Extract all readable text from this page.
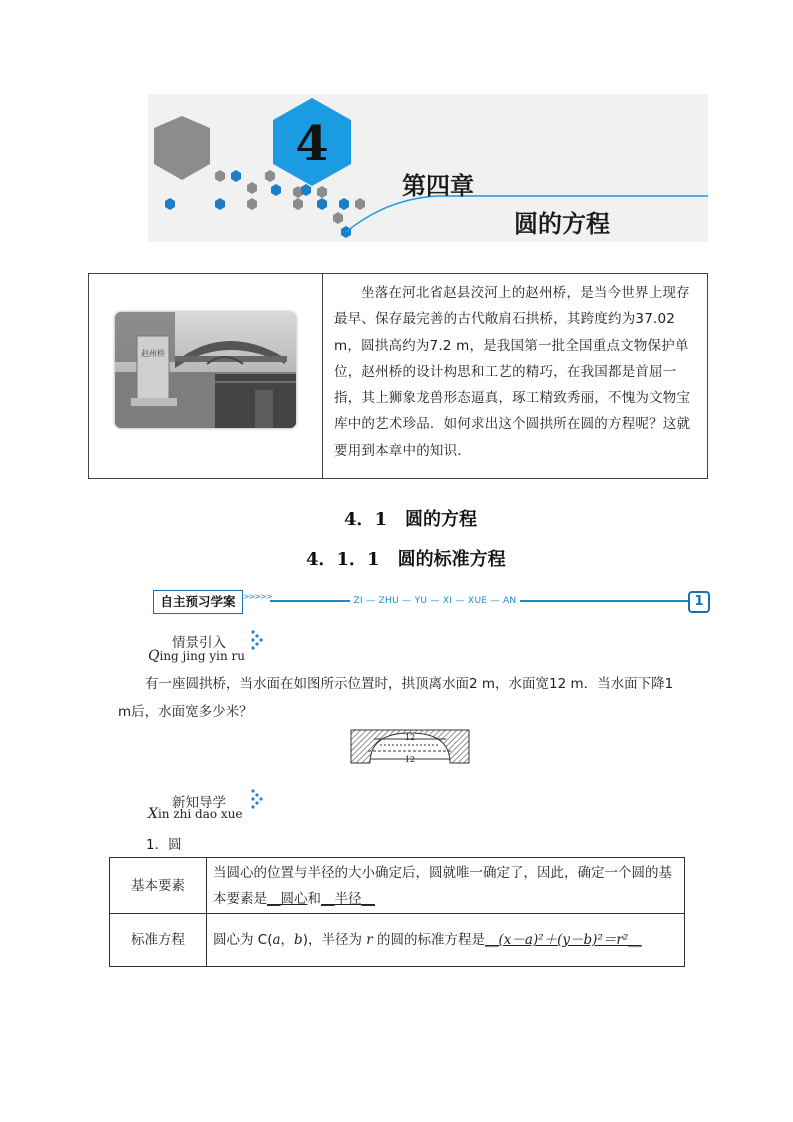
4
第四章
圆的方程
赵州桥
坐落在河北省赵县洨河上的赵州桥，是当今世界上现存最早、保存最完善的古代敞肩石拱桥，其跨度约为37.02 m，圆拱高约为7.2 m，是我国第一批全国重点文物保护单位，赵州桥的设计构思和工艺的精巧，在我国都是首屈一指，其上狮象龙兽形态逼真，琢工精致秀丽，不愧为文物宝库中的艺术珍品．如何求出这个圆拱所在圆的方程呢？这就要用到本章中的知识．
4．1　圆的方程
4．1．1　圆的标准方程
自主预习学案 >>>>>	ZI — ZHU — YU — XI — XUE — AN	1
情景引入
Qing jing yin ru
有一座圆拱桥，当水面在如图所示位置时，拱顶离水面2 m，水面宽12 m．当水面下降1 m后，水面宽多少米？
12
12
新知导学
Xin zhi dao xue
1．圆
基本要素	当圆心的位置与半径的大小确定后，圆就唯一确定了，因此，确定一个圆的基本要素是__圆心和__半径__
标准方程	圆心为 C(a，b)，半径为 r 的圆的标准方程是__(x－a)²＋(y－b)²＝r²__
